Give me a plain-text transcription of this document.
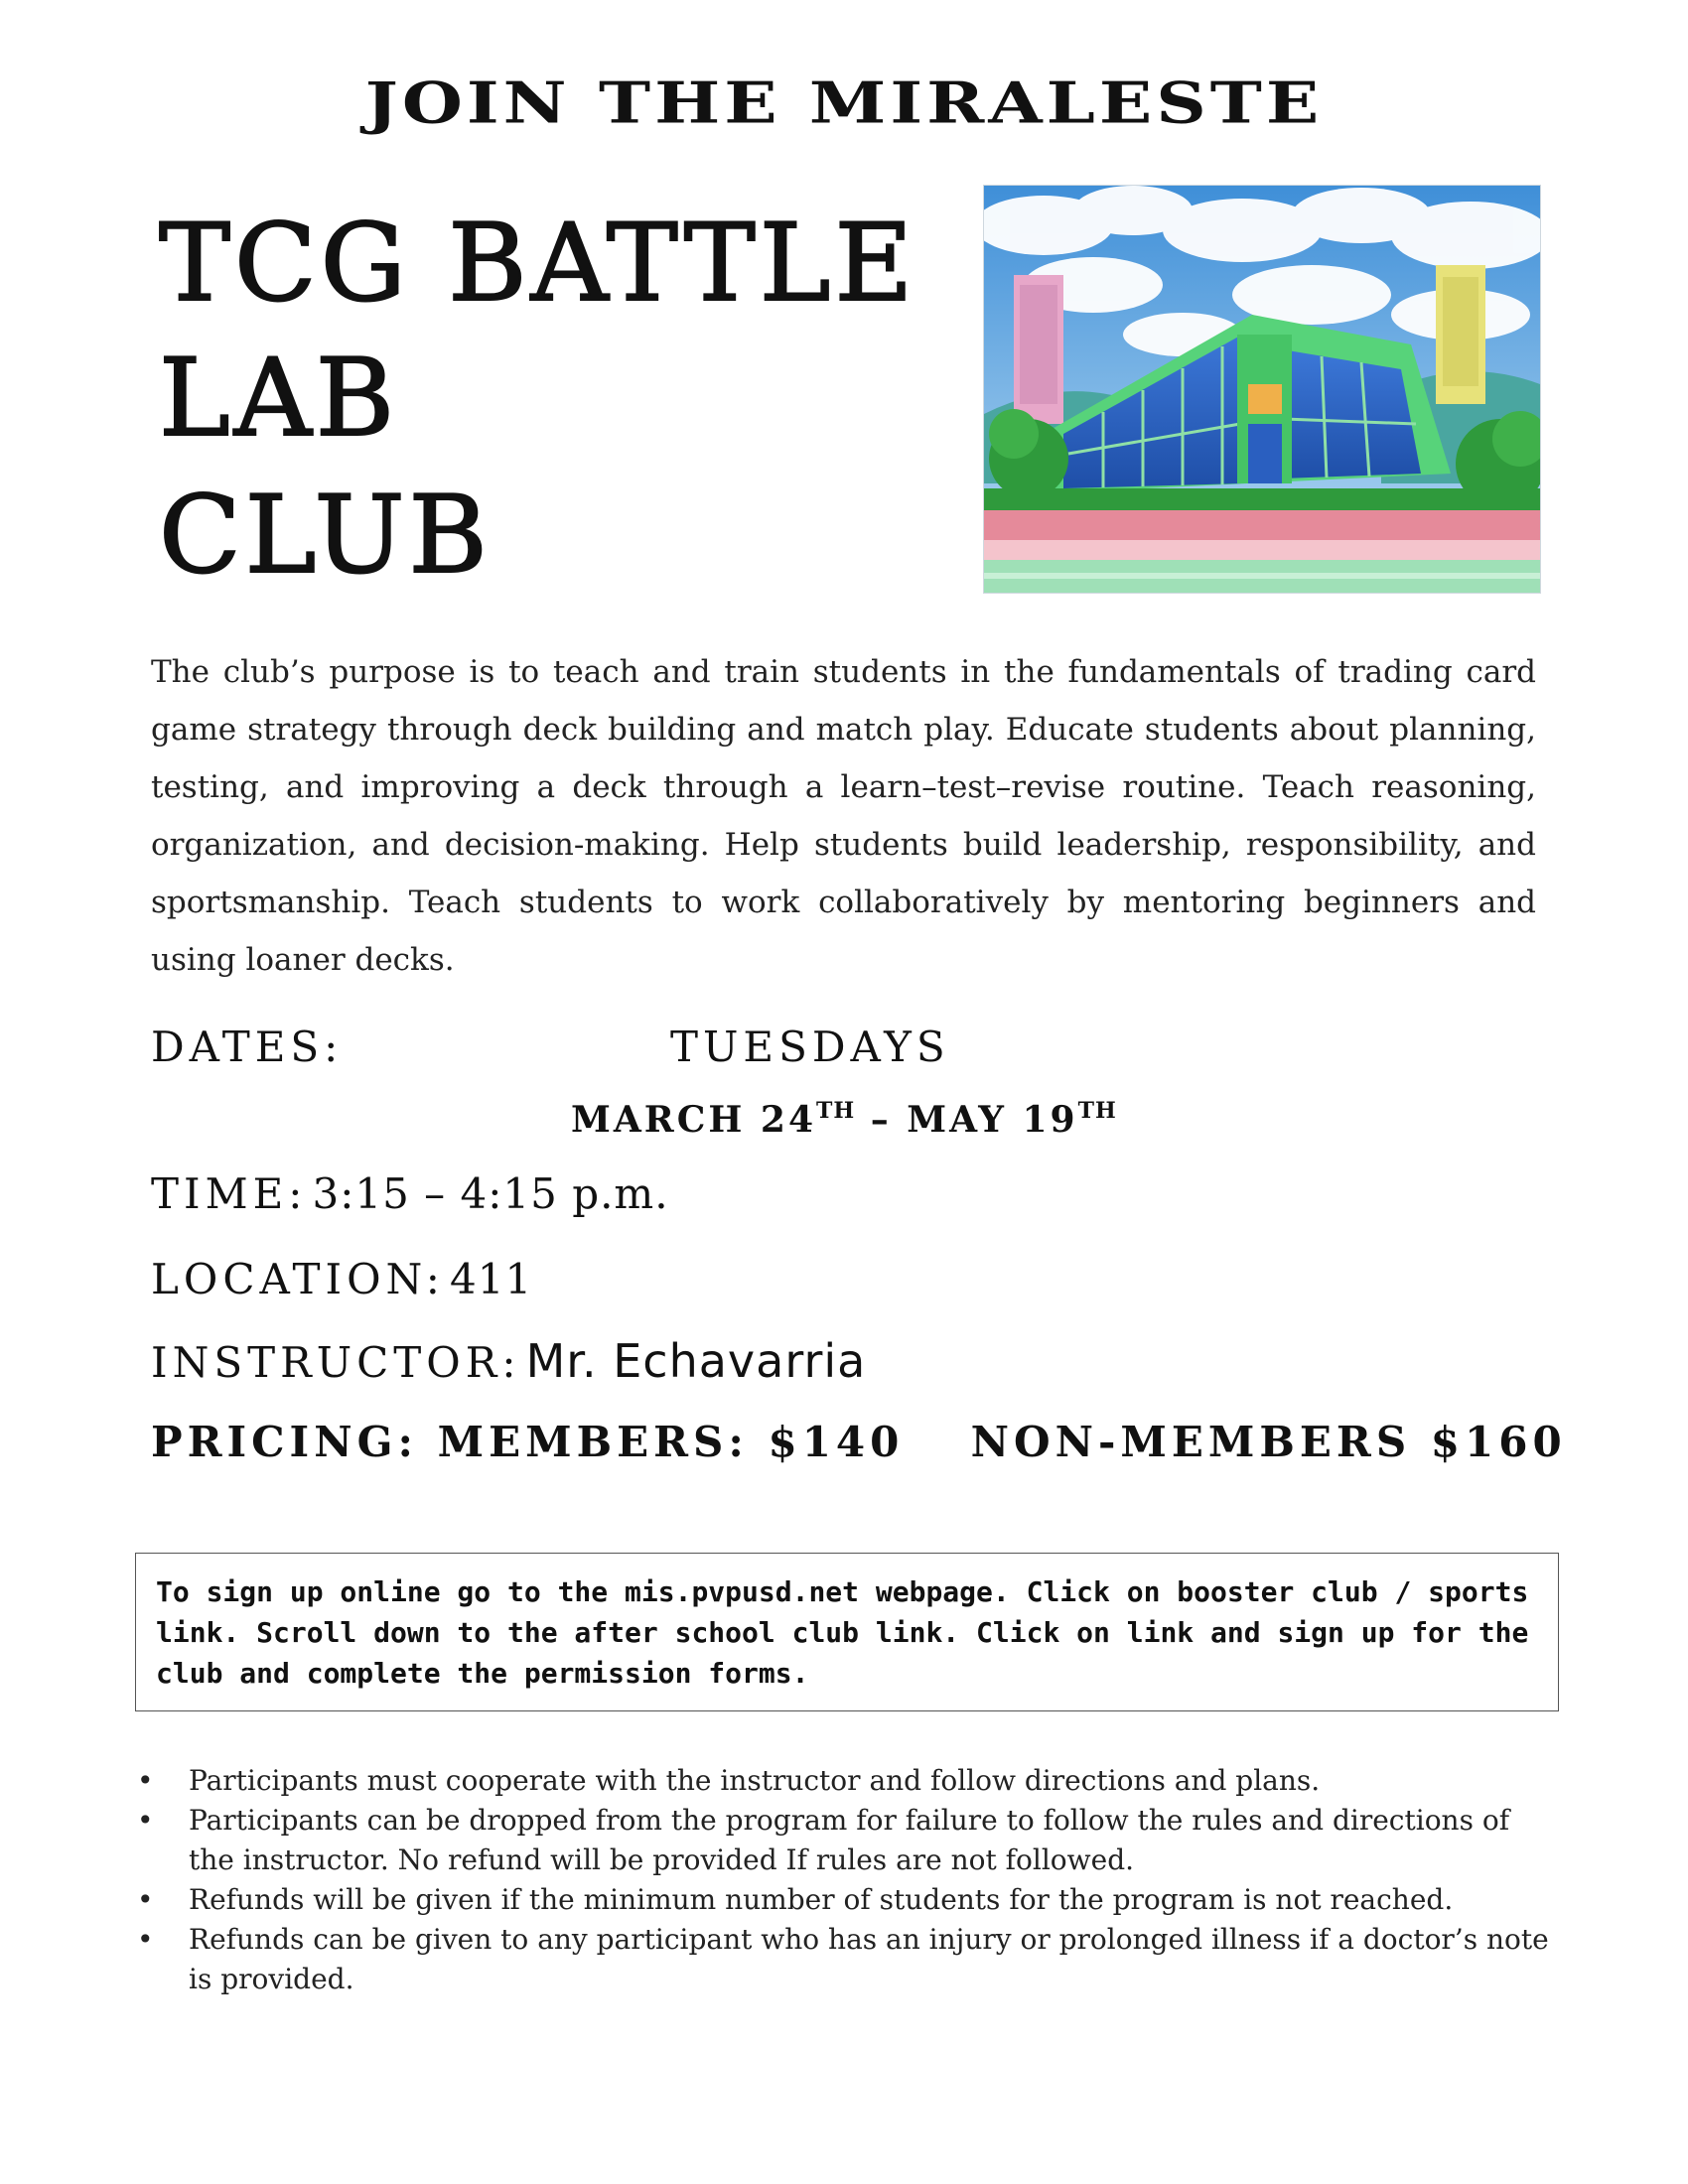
JOIN THE MIRALESTE
TCG BATTLE
LAB
CLUB
The club’s purpose is to teach and train students in the fundamentals of trading card game strategy through deck building and match play. Educate students about planning, testing, and improving a deck through a learn–test–revise routine. Teach reasoning, organization, and decision-making. Help students build leadership, responsibility, and sportsmanship. Teach students to work collaboratively by mentoring beginners and using loaner decks.
DATES:	TUESDAYS
MARCH 24TH – MAY 19TH
TIME: 3:15 – 4:15 p.m.
LOCATION: 411
INSTRUCTOR: Mr. Echavarria
PRICING: MEMBERS: $140 NON-MEMBERS $160
To sign up online go to the mis.pvpusd.net webpage. Click on booster club / sports link. Scroll down to the after school club link. Click on link and sign up for the club and complete the permission forms.
• Participants must cooperate with the instructor and follow directions and plans.
• Participants can be dropped from the program for failure to follow the rules and directions of the instructor. No refund will be provided If rules are not followed.
• Refunds will be given if the minimum number of students for the program is not reached.
• Refunds can be given to any participant who has an injury or prolonged illness if a doctor’s note is provided.
